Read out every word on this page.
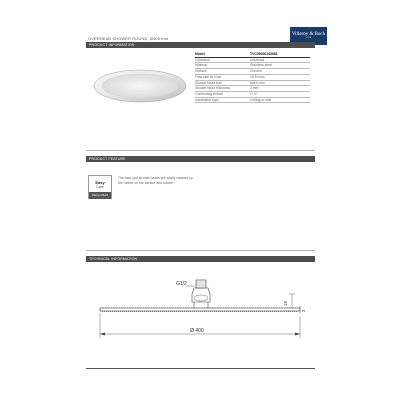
OVERHEAD SHOWER ROUND, Ø400 mm
Villeroy & Boch
1748
PRODUCT INFORMATION
Model	TVC00000143081
Collection	Universal
Material	Stainless steel
Surface	Chrome
Flow rate at 3 bar	15.5 l/min
Shower head size	Ø400 mm
Shower head thickness	2 mm
Connecting thread	G ½"
Installation type	Ceiling or wall
PRODUCT FEATURE
Easy
Care
Villeroy & Boch
The face and shower heads are easily cleaned by the rubber on the aerator and nozzle.
TECHNICAL INFORMATION
G1/2
18
2
Ø 400
